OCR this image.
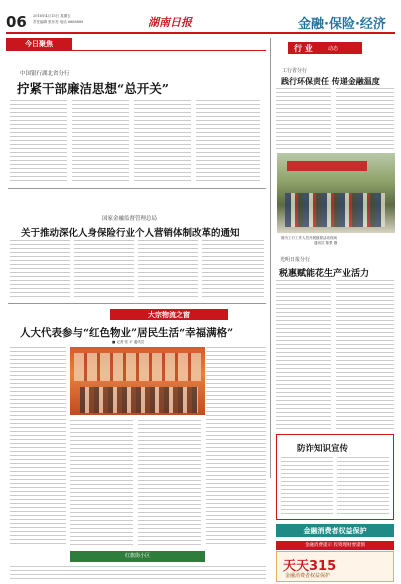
06 2016年4月15日 星期五
责任编辑 张东亮 电话 6888888	湖南日报	金融·保险·经济
今日聚焦
中国银行湖北省分行
拧紧干部廉洁思想“总开关”
行 业	动态
工行省分行
践行环保责任 传递金融温度
图为工行工作人员开展植树活动现场
通讯员 陈景 摄
国家金融监督管理总局
关于推动深化人身保险行业个人营销体制改革的通知
光明日报分行
税惠赋能花生产业活力
大宗物流之窗
人大代表参与“红色物业”居民生活“幸福满格”
■ 记者 张 平 通讯员
防诈知识宣传
金融消费者权益保护
红旗街小区
金融消费提示 投资理财要谨慎
天天315
金融消费者权益保护
